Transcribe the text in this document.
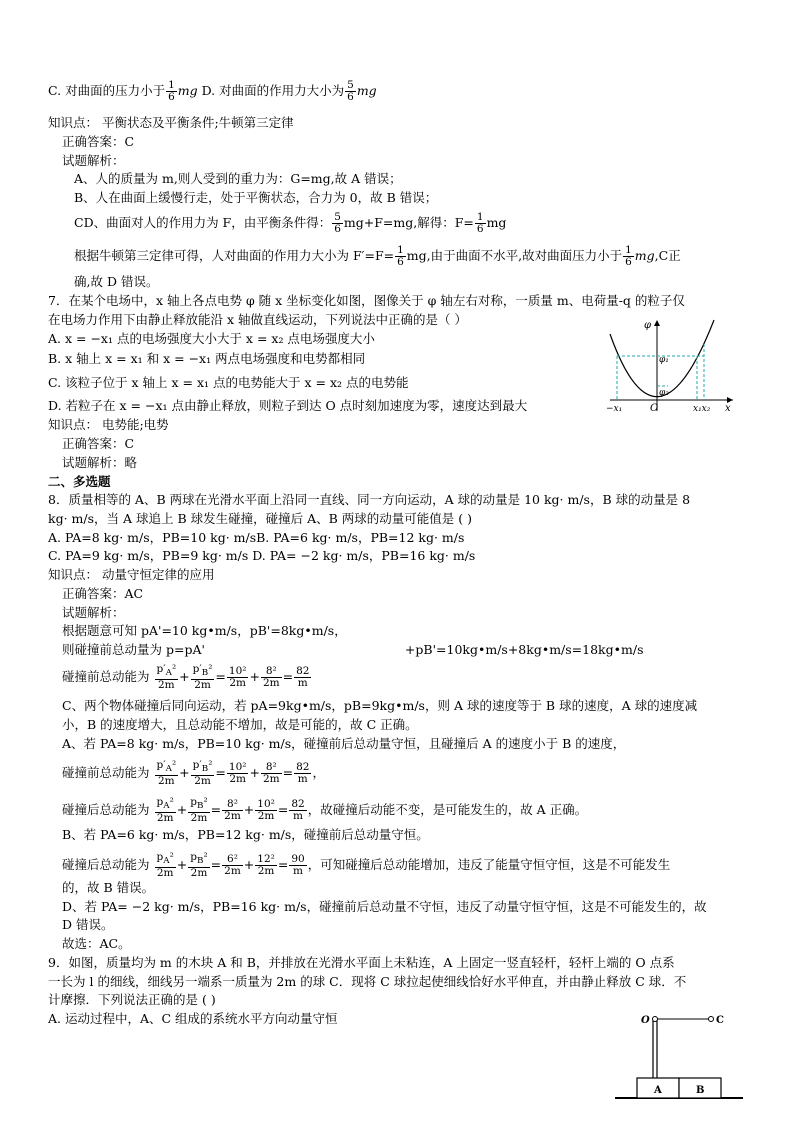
C. 对曲面的压力小于 $\frac{1}{6}$ mg D. 对曲面的作用力大小为 $\frac{5}{6}$ mg
知识点： 平衡状态及平衡条件;牛顿第三定律
正确答案：C
试题解析：
A、人的质量为 m,则人受到的重力为：G=mg,故 A 错误；
B、人在曲面上缓慢行走，处于平衡状态，合力为 0，故 B 错误；
CD、曲面对人的作用力为 F，由平衡条件得： $\frac{5}{6} mg+F=mg$,解得：$F= \frac{1}{6}$ mg
根据牛顿第三定律可得，人对曲面的作用力大小为 $F'=F= \frac{1}{6}$ mg,由于曲面不水平,故对曲面压力小于 $\frac{1}{6} mg,C$正
确,故 D 错误。
7．在某个电场中，x 轴上各点电势 φ 随 x 坐标变化如图，图像关于 φ 轴左右对称，一质量 m、电荷量-q 的粒子仅
在电场力作用下由静止释放能沿 x 轴做直线运动，下列说法中正确的是（ ）
A. x = −x₁ 点的电场强度大小大于 x = x₂ 点电场强度大小
B. x 轴上 x = x₁ 和 x = −x₁ 两点电场强度和电势都相同
C. 该粒子位于 x 轴上 x = x₁ 点的电势能大于 x = x₂ 点的电势能
D. 若粒子在 x = −x₁ 点由静止释放，则粒子到达 O 点时刻加速度为零，速度达到最大
知识点： 电势能;电势
正确答案：C
试题解析：略
φ
φ₁
φ₂
−x₁	O	x₁x₂ x
二、多选题
8．质量相等的 A、B 两球在光滑水平面上沿同一直线、同一方向运动，A 球的动量是 10 kg· m/s，B 球的动量是 8
kg· m/s，当 A 球追上 B 球发生碰撞，碰撞后 A、B 两球的动量可能值是 ( )
A. PA=8 kg· m/s，PB=10 kg· m/sB. PA=6 kg· m/s，PB=12 kg· m/s
C. PA=9 kg· m/s，PB=9 kg· m/s D. PA= −2 kg· m/s，PB=16 kg· m/s
知识点： 动量守恒定律的应用
正确答案：AC
试题解析：
根据题意可知 pA'=10 kg•m/s，pB'=8kg•m/s，
则碰撞前总动量为 p=pA'	+pB'=10kg•m/s+8kg•m/s=18kg•m/s
碰撞前总动能为 $\frac{p'_A^2}{2m} + \frac{p'_B^2}{2m} = \frac{\text{10²}}{2m} + \frac{\text{8²}}{2m} = \frac{82}{m}$
C、两个物体碰撞后同向运动，若 pA=9kg•m/s，pB=9kg•m/s，则 A 球的速度等于 B 球的速度，A 球的速度减
小，B 的速度增大，且总动能不增加，故是可能的，故 C 正确。
A、若 PA=8 kg· m/s，PB=10 kg· m/s，碰撞前后总动量守恒，且碰撞后 A 的速度小于 B 的速度，
碰撞前总动能为 $\frac{p'_A^2}{2m} + \frac{p'_B^2}{2m} = \frac{\text{10²}}{2m} + \frac{\text{8²}}{2m} = \frac{82}{m}$ ，
碰撞后总动能为 $\frac{p_A^2}{2m} + \frac{p_B^2}{2m} = \frac{\text{8²}}{2m} + \frac{\text{10²}}{2m} = \frac{82}{m}$ ，故碰撞后动能不变，是可能发生的，故 A 正确。
B、若 PA=6 kg· m/s，PB=12 kg· m/s，碰撞前后总动量守恒。
碰撞后总动能为 $\frac{p_A^2}{2m} + \frac{p_B^2}{2m} = \frac{\text{6²}}{2m} + \frac{\text{12²}}{2m} = \frac{90}{m}$ ，可知碰撞后总动能增加，违反了能量守恒守恒，这是不可能发生
的，故 B 错误。
D、若 PA= −2 kg· m/s，PB=16 kg· m/s，碰撞前后总动量不守恒，违反了动量守恒守恒，这是不可能发生的，故
D 错误。
故选：AC。
9．如图，质量均为 m 的木块 A 和 B，并排放在光滑水平面上未粘连，A 上固定一竖直轻杆，轻杆上端的 O 点系
一长为 l 的细线，细线另一端系一质量为 2m 的球 C．现将 C 球拉起使细线恰好水平伸直，并由静止释放 C 球．不
计摩擦．下列说法正确的是 ( )
A. 运动过程中，A、C 组成的系统水平方向动量守恒	O	C
A	B
